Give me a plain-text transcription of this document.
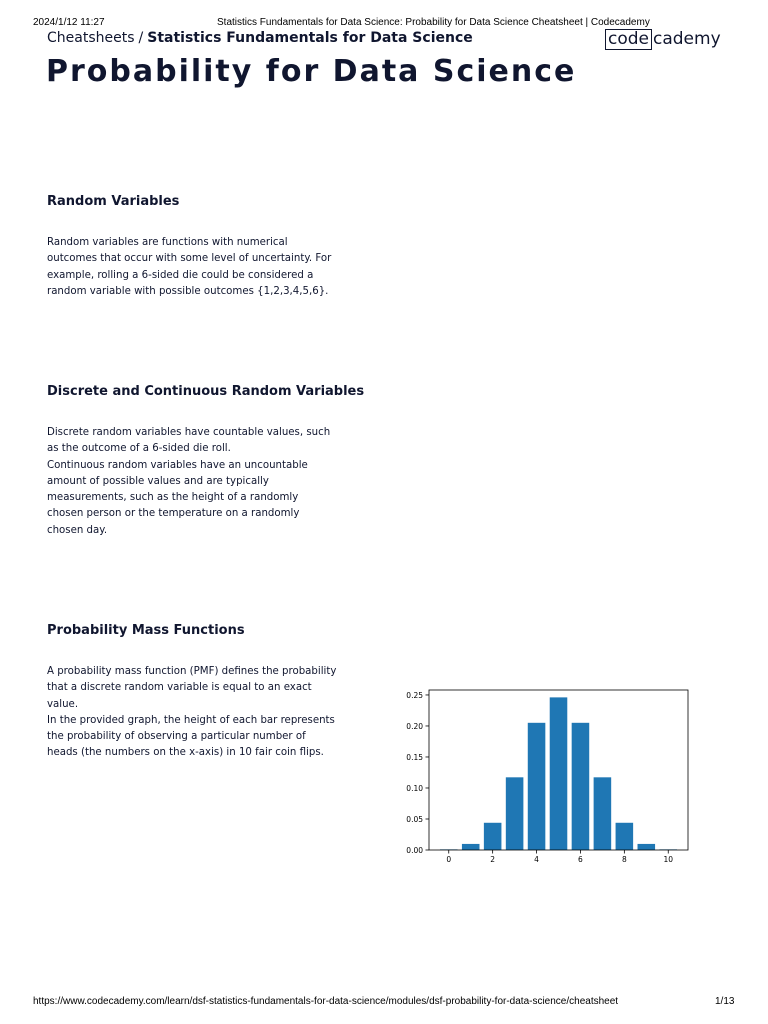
2024/1/12 11:27	Statistics Fundamentals for Data Science: Probability for Data Science Cheatsheet | Codecademy
Cheatsheets / Statistics Fundamentals for Data Science	code cademy
Probability for Data Science
Random Variables

Random variables are functions with numerical outcomes that occur with some level of uncertainty. For example, rolling a 6-sided die could be considered a random variable with possible outcomes {1,2,3,4,5,6}.

Discrete and Continuous Random Variables

Discrete random variables have countable values, such as the outcome of a 6-sided die roll.

Continuous random variables have an uncountable amount of possible values and are typically measurements, such as the height of a randomly chosen person or the temperature on a randomly chosen day.

Probability Mass Functions

A probability mass function (PMF) defines the probability that a discrete random variable is equal to an exact value.

In the provided graph, the height of each bar represents the probability of observing a particular number of heads (the numbers on the x-axis) in 10 fair coin flips.

0.00
0.05
0.10
0.15
0.20
0.25
0	2	4	6	8	10
https://www.codecademy.com/learn/dsf-statistics-fundamentals-for-data-science/modules/dsf-probability-for-data-science/cheatsheet	1/13
